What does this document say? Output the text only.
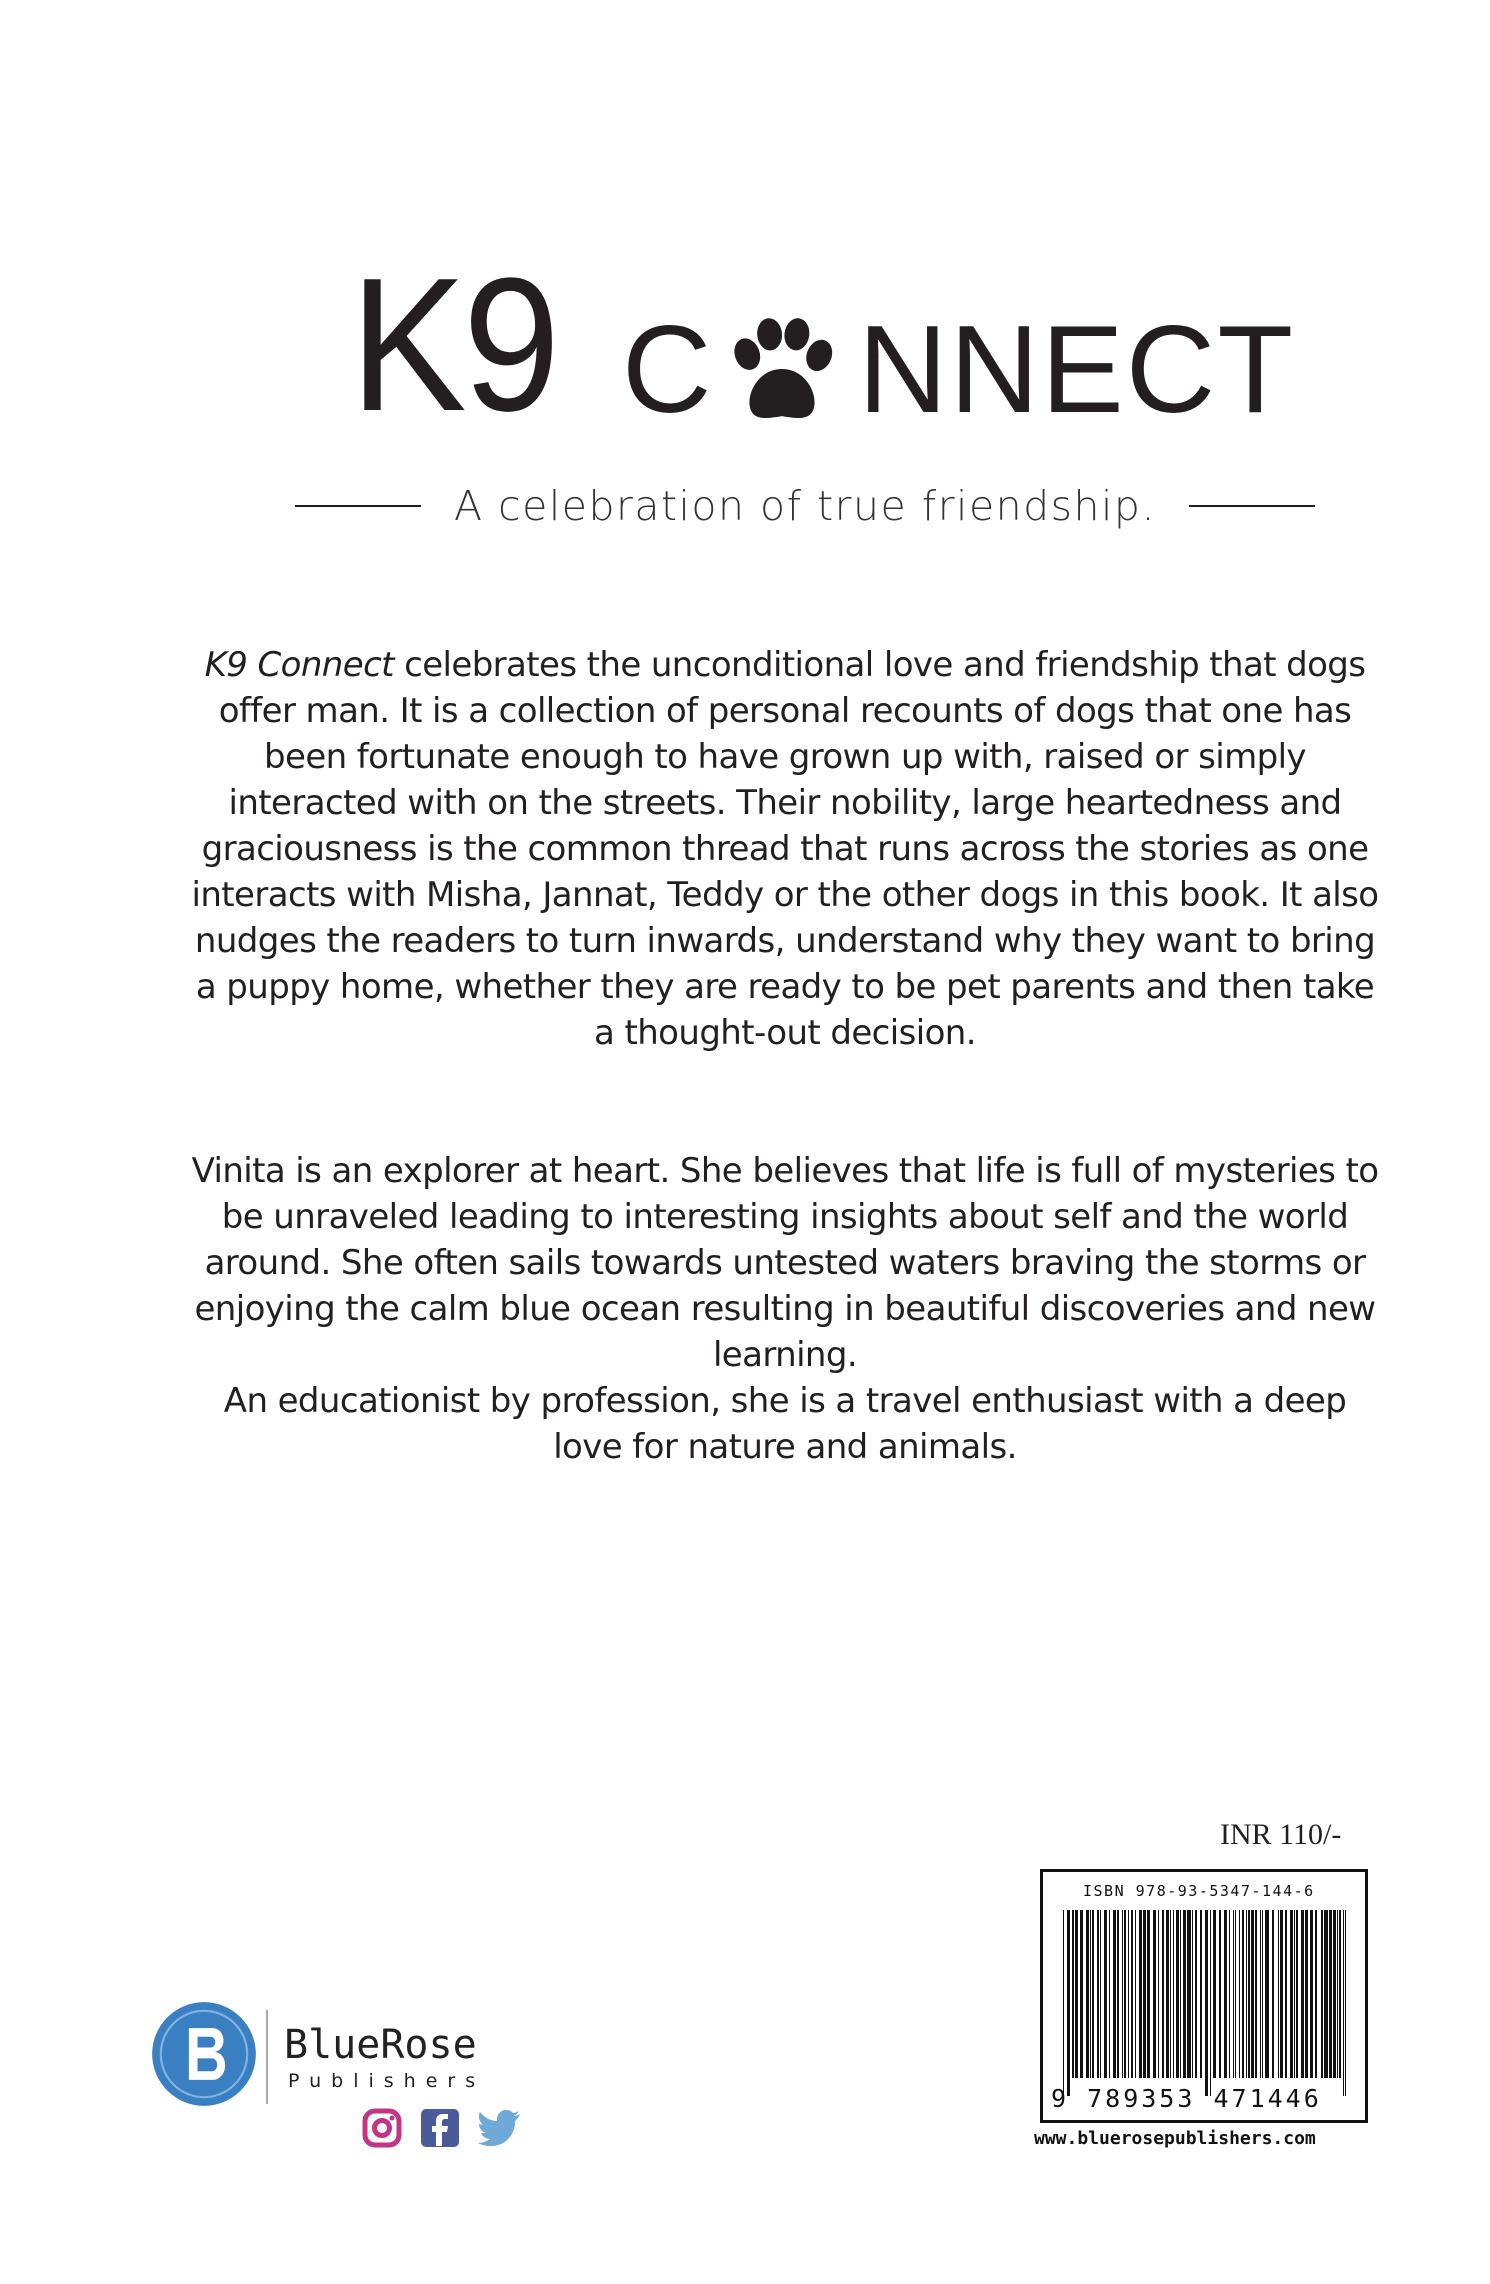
K9 C NNECT
A celebration of true friendship.

K9 Connect celebrates the unconditional love and friendship that dogs offer man. It is a collection of personal recounts of dogs that one has been fortunate enough to have grown up with, raised or simply interacted with on the streets. Their nobility, large heartedness and graciousness is the common thread that runs across the stories as one interacts with Misha, Jannat, Teddy or the other dogs in this book. It also nudges the readers to turn inwards, understand why they want to bring a puppy home, whether they are ready to be pet parents and then take a thought-out decision.

Vinita is an explorer at heart. She believes that life is full of mysteries to be unraveled leading to interesting insights about self and the world around. She often sails towards untested waters braving the storms or enjoying the calm blue ocean resulting in beautiful discoveries and new learning.

An educationist by profession, she is a travel enthusiast with a deep love for nature and animals.

INR 110/-
ISBN 978-93-5347-144-6
9 789353 471446
www.bluerosepublishers.com
BlueRose
Publishers
